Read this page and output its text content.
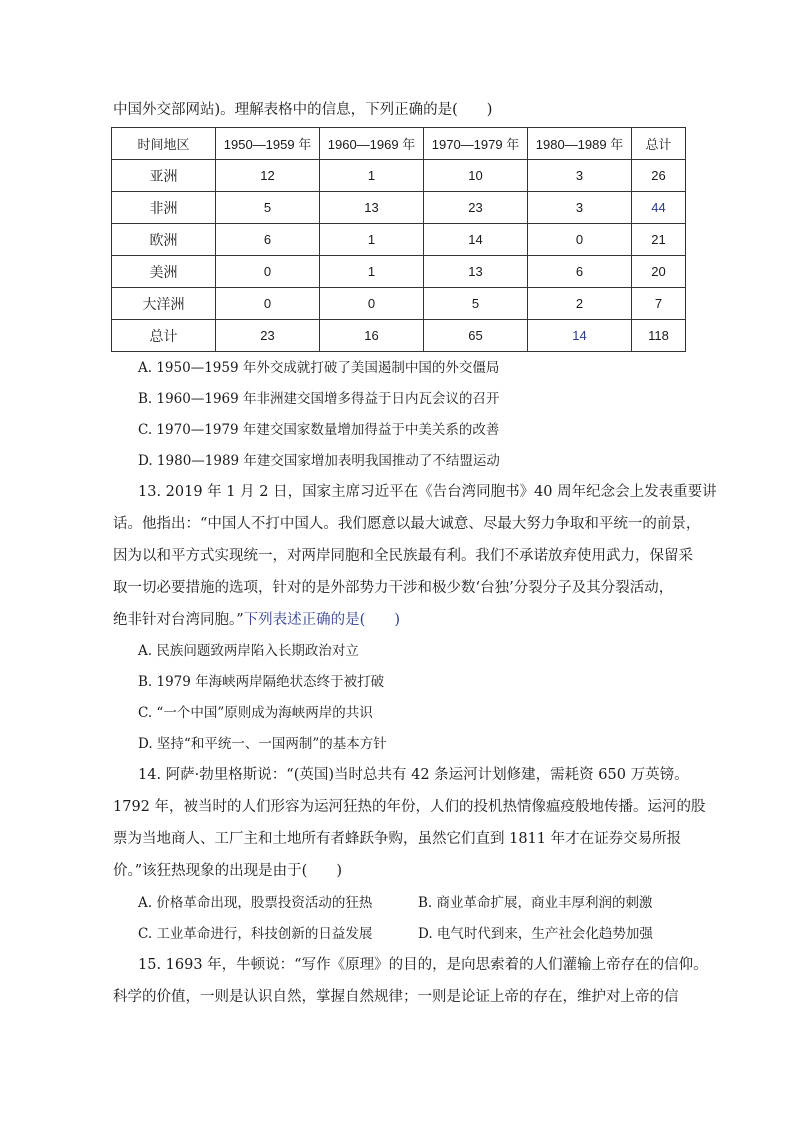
中国外交部网站)。理解表格中的信息，下列正确的是(　　)
时间地区	1950—1959 年	1960—1969 年	1970—1979 年	1980—1989 年	总计
亚洲	12	1	10	3	26
非洲	5	13	23	3	44
欧洲	6	1	14	0	21
美洲	0	1	13	6	20
大洋洲	0	0	5	2	7
总计	23	16	65	14	118
A. 1950—1959 年外交成就打破了美国遏制中国的外交僵局
B. 1960—1969 年非洲建交国增多得益于日内瓦会议的召开
C. 1970—1979 年建交国家数量增加得益于中美关系的改善
D. 1980—1989 年建交国家增加表明我国推动了不结盟运动
13. 2019 年 1 月 2 日，国家主席习近平在《告台湾同胞书》40 周年纪念会上发表重要讲
话。他指出：“中国人不打中国人。我们愿意以最大诚意、尽最大努力争取和平统一的前景，
因为以和平方式实现统一，对两岸同胞和全民族最有利。我们不承诺放弃使用武力，保留采
取一切必要措施的选项，针对的是外部势力干涉和极少数‘台独’分裂分子及其分裂活动，
绝非针对台湾同胞。”下列表述正确的是(　　)
A. 民族问题致两岸陷入长期政治对立
B. 1979 年海峡两岸隔绝状态终于被打破
C. “一个中国”原则成为海峡两岸的共识
D. 坚持“和平统一、一国两制”的基本方针
14. 阿萨·勃里格斯说：“(英国)当时总共有 42 条运河计划修建，需耗资 650 万英镑。
1792 年，被当时的人们形容为运河狂热的年份，人们的投机热情像瘟疫般地传播。运河的股
票为当地商人、工厂主和土地所有者蜂跃争购，虽然它们直到 1811 年才在证券交易所报
价。”该狂热现象的出现是由于(　　)
A. 价格革命出现，股票投资活动的狂热	B. 商业革命扩展，商业丰厚利润的刺激
C. 工业革命进行，科技创新的日益发展	D. 电气时代到来，生产社会化趋势加强
15. 1693 年，牛顿说：“写作《原理》的目的，是向思索着的人们灌输上帝存在的信仰。
科学的价值，一则是认识自然，掌握自然规律；一则是论证上帝的存在，维护对上帝的信
